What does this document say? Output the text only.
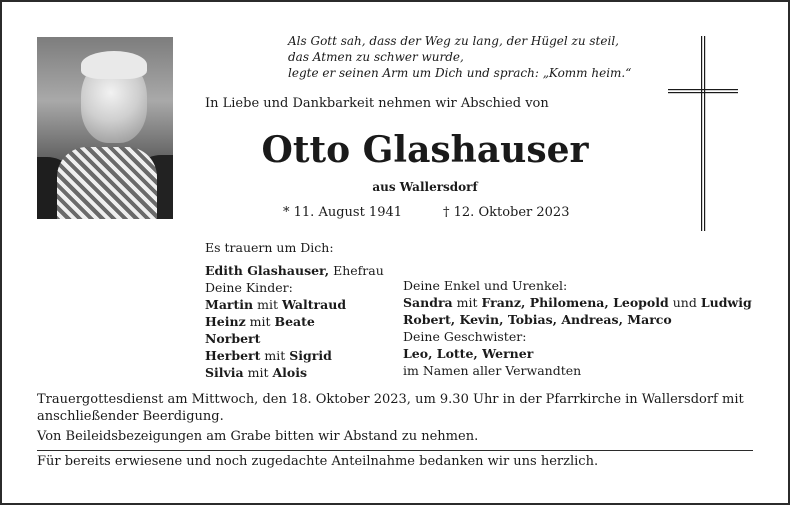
Als Gott sah, dass der Weg zu lang, der Hügel zu steil,
das Atmen zu schwer wurde,
legte er seinen Arm um Dich und sprach: „Komm heim.“
In Liebe und Dankbarkeit nehmen wir Abschied von
Otto Glashauser
aus Wallersdorf
* 11. August 1941	† 12. Oktober 2023
Es trauern um Dich:
Edith Glashauser, Ehefrau
Deine Kinder:
Martin mit Waltraud
Heinz mit Beate
Norbert
Herbert mit Sigrid
Silvia mit Alois
Deine Enkel und Urenkel:
Sandra mit Franz, Philomena, Leopold und Ludwig
Robert, Kevin, Tobias, Andreas, Marco
Deine Geschwister:
Leo, Lotte, Werner
im Namen aller Verwandten
Trauergottesdienst am Mittwoch, den 18. Oktober 2023, um 9.30 Uhr in der Pfarrkirche in Wallersdorf mit anschließender Beerdigung.
Von Beileidsbezeigungen am Grabe bitten wir Abstand zu nehmen.
Für bereits erwiesene und noch zugedachte Anteilnahme bedanken wir uns herzlich.
